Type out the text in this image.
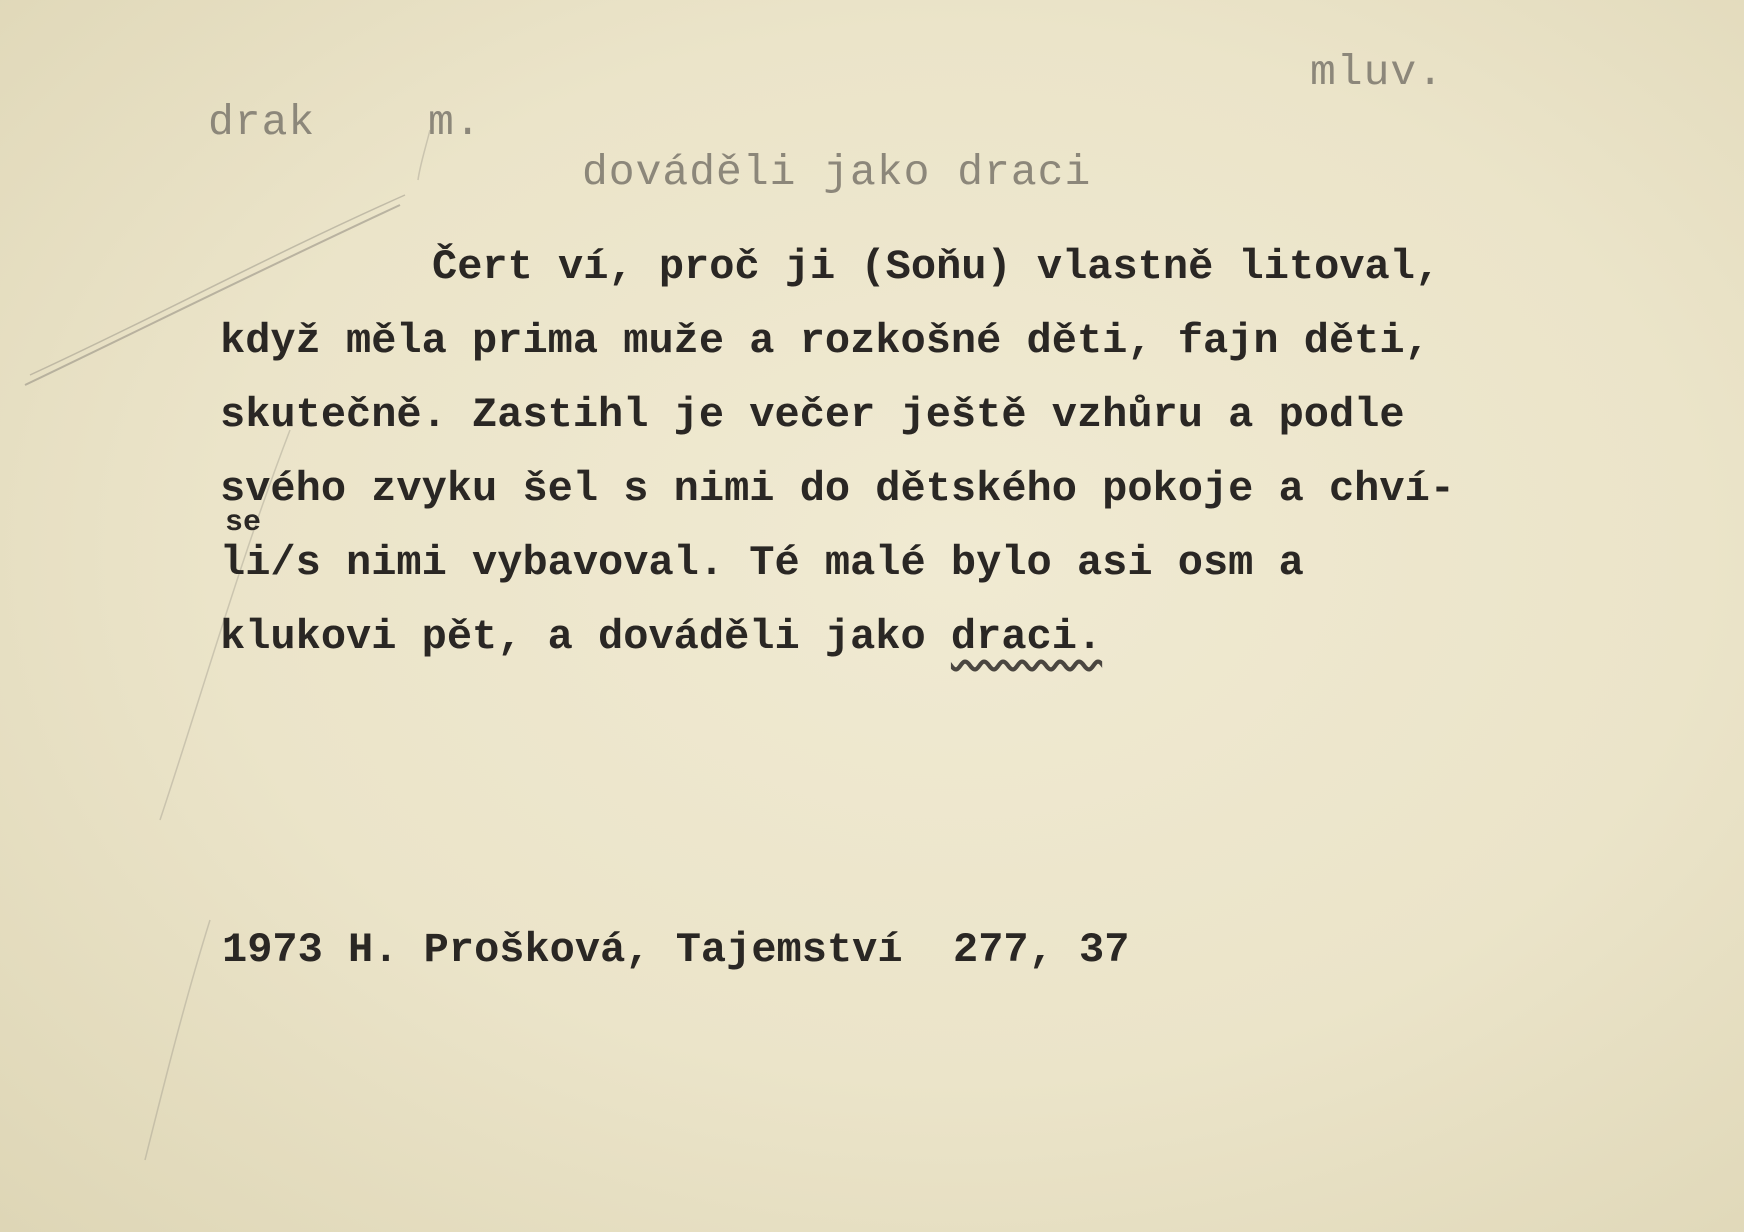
drak	m.
mluv.
dováděli jako draci
Čert ví, proč ji (Soňu) vlastně litoval,
když měla prima muže a rozkošné děti, fajn děti,
skutečně. Zastihl je večer ještě vzhůru a podle
svého zvyku šel s nimi do dětského pokoje a chví-
li/s nimi vybavoval. Té malé bylo asi osm a
klukovi pět, a dováděli jako draci.
se
1973 H. Prošková, Tajemství 277, 37
